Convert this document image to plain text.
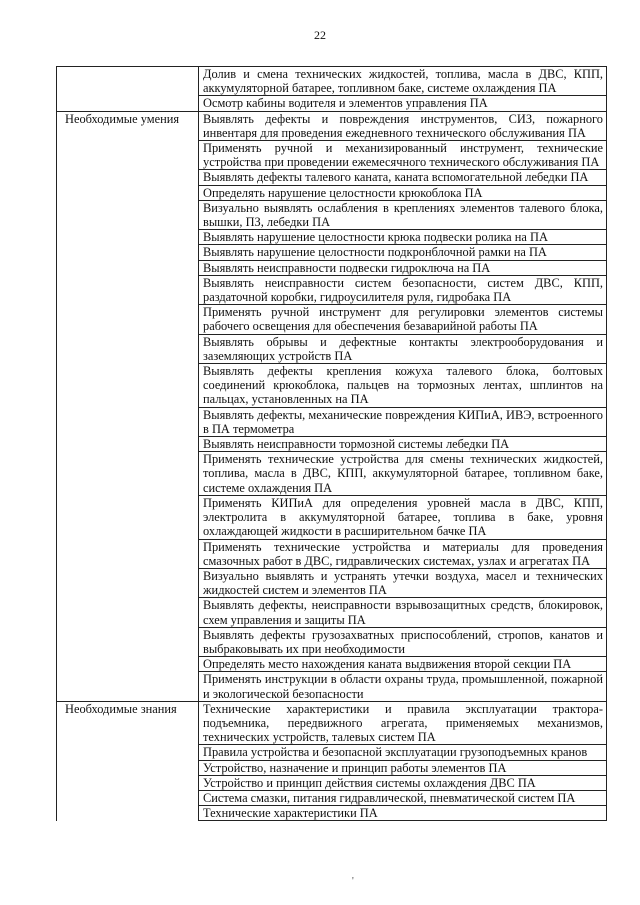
22
	Долив и смена технических жидкостей, топлива, масла в ДВС, КПП, аккумуляторной батарее, топливном баке, системе охлаждения ПА
	Осмотр кабины водителя и элементов управления ПА
Необходимые умения	Выявлять дефекты и повреждения инструментов, СИЗ, пожарного инвентаря для проведения ежедневного технического обслуживания ПА
	Применять ручной и механизированный инструмент, технические устройства при проведении ежемесячного технического обслуживания ПА
	Выявлять дефекты талевого каната, каната вспомогательной лебедки ПА
	Определять нарушение целостности крюкоблока ПА
	Визуально выявлять ослабления в креплениях элементов талевого блока, вышки, ПЗ, лебедки ПА
	Выявлять нарушение целостности крюка подвески ролика на ПА
	Выявлять нарушение целостности подкронблочной рамки на ПА
	Выявлять неисправности подвески гидроключа на ПА
	Выявлять неисправности систем безопасности, систем ДВС, КПП, раздаточной коробки, гидроусилителя руля, гидробака ПА
	Применять ручной инструмент для регулировки элементов системы рабочего освещения для обеспечения безаварийной работы ПА
	Выявлять обрывы и дефектные контакты электрооборудования и заземляющих устройств ПА
	Выявлять дефекты крепления кожуха талевого блока, болтовых соединений крюкоблока, пальцев на тормозных лентах, шплинтов на пальцах, установленных на ПА
	Выявлять дефекты, механические повреждения КИПиА, ИВЭ, встроенного в ПА термометра
	Выявлять неисправности тормозной системы лебедки ПА
	Применять технические устройства для смены технических жидкостей, топлива, масла в ДВС, КПП, аккумуляторной батарее, топливном баке, системе охлаждения ПА
	Применять КИПиА для определения уровней масла в ДВС, КПП, электролита в аккумуляторной батарее, топлива в баке, уровня охлаждающей жидкости в расширительном бачке ПА
	Применять технические устройства и материалы для проведения смазочных работ в ДВС, гидравлических системах, узлах и агрегатах ПА
	Визуально выявлять и устранять утечки воздуха, масел и технических жидкостей систем и элементов ПА
	Выявлять дефекты, неисправности взрывозащитных средств, блокировок, схем управления и защиты ПА
	Выявлять дефекты грузозахватных приспособлений, стропов, канатов и выбраковывать их при необходимости
	Определять место нахождения каната выдвижения второй секции ПА
	Применять инструкции в области охраны труда, промышленной, пожарной и экологической безопасности
Необходимые знания	Технические характеристики и правила эксплуатации трактора-подъемника, передвижного агрегата, применяемых механизмов, технических устройств, талевых систем ПА
	Правила устройства и безопасной эксплуатации грузоподъемных кранов
	Устройство, назначение и принцип работы элементов ПА
	Устройство и принцип действия системы охлаждения ДВС ПА
	Система смазки, питания гидравлической, пневматической систем ПА
	Технические характеристики ПА
'
